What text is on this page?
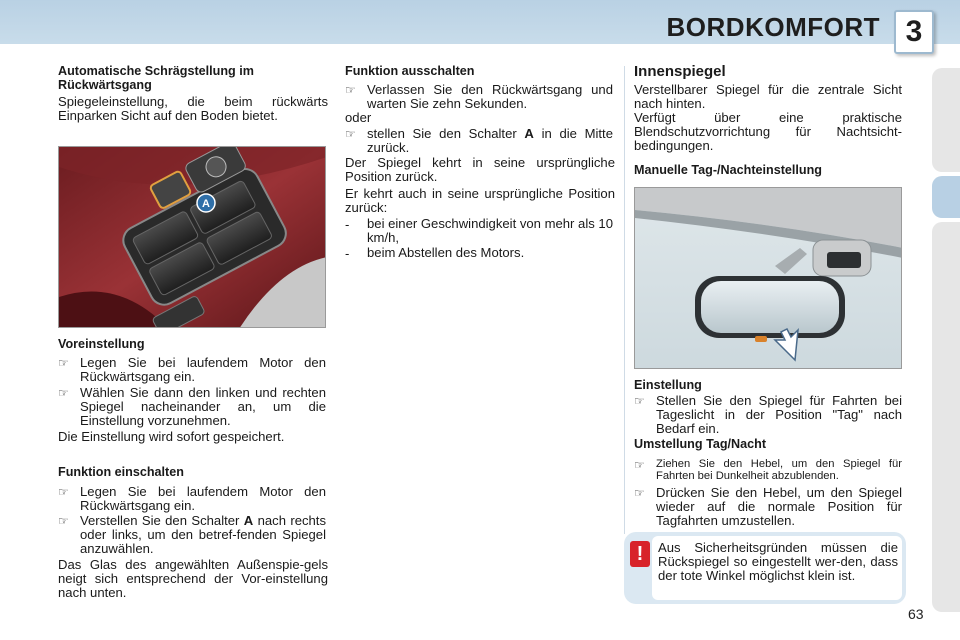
BORDKOMFORT 3
Automatische Schrägstellung im Rückwärtsgang
Spiegeleinstellung, die beim rückwärts Einparken Sicht auf den Boden bietet.
A
Voreinstellung
☞ Legen Sie bei laufendem Motor den Rückwärtsgang ein.
☞ Wählen Sie dann den linken und rechten Spiegel nacheinander an, um die Einstellung vorzunehmen.
Die Einstellung wird sofort gespeichert.
Funktion einschalten
☞ Legen Sie bei laufendem Motor den Rückwärtsgang ein.
☞ Verstellen Sie den Schalter A nach rechts oder links, um den betref-fenden Spiegel anzuwählen.
Das Glas des angewählten Außenspie-gels neigt sich entsprechend der Vor-einstellung nach unten.
Funktion ausschalten
☞ Verlassen Sie den Rückwärtsgang und warten Sie zehn Sekunden.
oder
☞ stellen Sie den Schalter A in die Mitte zurück.
Der Spiegel kehrt in seine ursprüngliche Position zurück.
Er kehrt auch in seine ursprüngliche Position zurück:
- bei einer Geschwindigkeit von mehr als 10 km/h,
- beim Abstellen des Motors.
Innenspiegel
Verstellbarer Spiegel für die zentrale Sicht nach hinten.
Verfügt über eine praktische Blendschutzvorrichtung für Nachtsicht-bedingungen.
Manuelle Tag-/Nachteinstellung
Einstellung
☞ Stellen Sie den Spiegel für Fahrten bei Tageslicht in der Position "Tag" nach Bedarf ein.
Umstellung Tag/Nacht
☞ Ziehen Sie den Hebel, um den Spiegel für Fahrten bei Dunkelheit abzublenden.
☞ Drücken Sie den Hebel, um den Spiegel wieder auf die normale Position für Tagfahrten umzustellen.
!	Aus Sicherheitsgründen müssen die Rückspiegel so eingestellt wer-den, dass der tote Winkel möglichst klein ist.
63
